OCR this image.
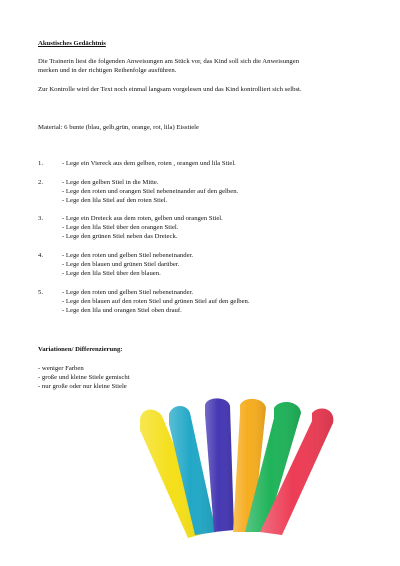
Akustisches Gedächtnis
Die Trainerin liest die folgenden Anweisungen am Stück vor, das Kind soll sich die Anweisungen
merken und in der richtigen Reihenfolge ausführen.
Zur Kontrolle wird der Text noch einmal langsam vorgelesen und das Kind kontrolliert sich selbst.
Material: 6 bunte (blau, gelb,grün, orange, rot, lila) Eisstiele
1.	- Lege ein Viereck aus dem gelben, roten , orangen und lila Stiel.
2.	- Lege den gelben Stiel in die Mitte.
- Lege den roten und orangen Stiel nebeneinander auf den gelben.
- Lege den lila Stiel auf den roten Stiel.
3.	- Lege ein Dreieck aus dem roten, gelben und orangen Stiel.
- Lege den lila Stiel über den orangen Stiel.
- Lege den grünen Stiel neben das Dreieck.
4.	- Lege den roten und gelben Stiel nebeneinander.
- Lege den blauen und grünen Stiel darüber.
- Lege den lila Stiel über den blauen.
5.	- Lege den roten und gelben Stiel nebeneinander.
- Lege den blauen auf den roten Stiel und grünen Stiel auf den gelben.
- Lege den lila und orangen Stiel oben drauf.
Variationen/ Differenzierung:
- weniger Farben
- große und kleine Stiele gemischt
- nur große oder nur kleine Stiele
